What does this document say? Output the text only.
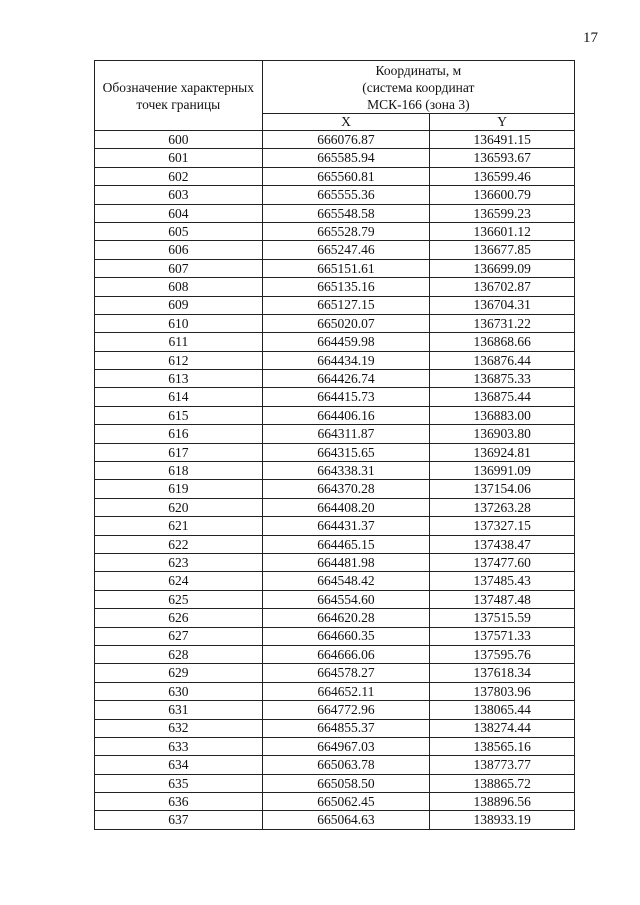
17
Обозначение характерных точек границы	Координаты, м
(система координат
МСК-166 (зона 3)	

	X	Y
600	666076.87	136491.15
601	665585.94	136593.67
602	665560.81	136599.46
603	665555.36	136600.79
604	665548.58	136599.23
605	665528.79	136601.12
606	665247.46	136677.85
607	665151.61	136699.09
608	665135.16	136702.87
609	665127.15	136704.31
610	665020.07	136731.22
611	664459.98	136868.66
612	664434.19	136876.44
613	664426.74	136875.33
614	664415.73	136875.44
615	664406.16	136883.00
616	664311.87	136903.80
617	664315.65	136924.81
618	664338.31	136991.09
619	664370.28	137154.06
620	664408.20	137263.28
621	664431.37	137327.15
622	664465.15	137438.47
623	664481.98	137477.60
624	664548.42	137485.43
625	664554.60	137487.48
626	664620.28	137515.59
627	664660.35	137571.33
628	664666.06	137595.76
629	664578.27	137618.34
630	664652.11	137803.96
631	664772.96	138065.44
632	664855.37	138274.44
633	664967.03	138565.16
634	665063.78	138773.77
635	665058.50	138865.72
636	665062.45	138896.56
637	665064.63	138933.19
